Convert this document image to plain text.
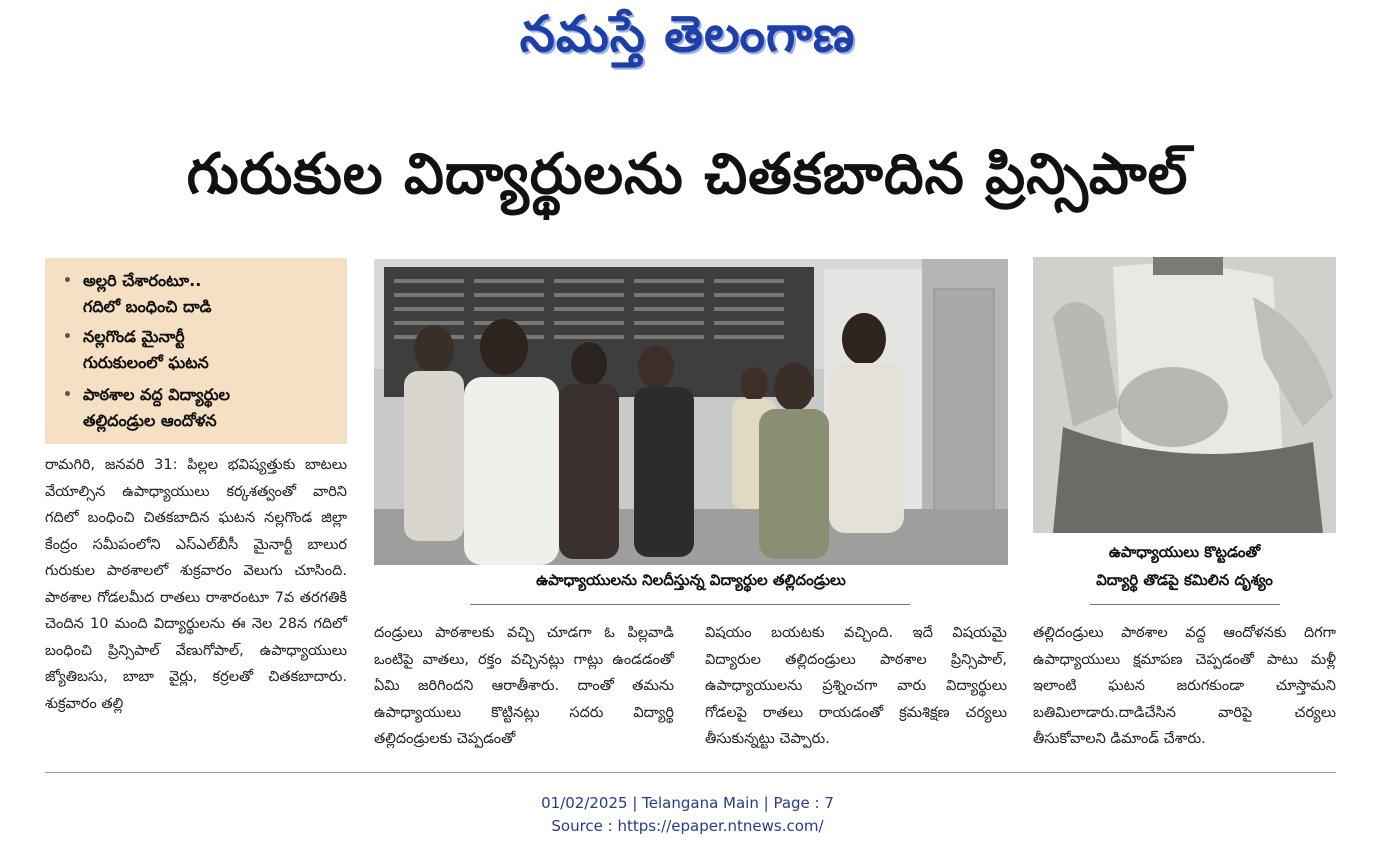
నమస్తే తెలంగాణ
గురుకుల విద్యార్థులను చితకబాదిన ప్రిన్సిపాల్
• అల్లరి చేశారంటూ..
గదిలో బంధించి దాడి
• నల్లగొండ మైనార్టీ
గురుకులంలో ఘటన
• పాఠశాల వద్ద విద్యార్థుల
తల్లిదండ్రుల ఆందోళన

రామగిరి, జనవరి 31: పిల్లల భవిష్యత్తుకు బాటలు వేయాల్సిన ఉపాధ్యాయులు కర్కశత్వంతో వారిని గదిలో బంధించి చితకబాదిన ఘటన నల్లగొండ జిల్లా కేంద్రం సమీపంలోని ఎస్‌ఎల్‌బీసీ మైనార్టీ బాలుర గురుకుల పాఠశాలలో శుక్రవారం వెలుగు చూసింది. పాఠశాల గోడలమీద రాతలు రాశారంటూ 7వ తరగతికి చెందిన 10 మంది విద్యార్థులను ఈ నెల 28న గదిలో బంధించి ప్రిన్సిపాల్ వేణుగోపాల్, ఉపాధ్యాయులు జ్యోతిబసు, బాబా వైర్లు, కర్రలతో చితకబాదారు. శుక్రవారం తల్లి

ఉపాధ్యాయులను నిలదీస్తున్న విద్యార్థుల తల్లిదండ్రులు
ఉపాధ్యాయులు కొట్టడంతో
విద్యార్థి తొడపై కమిలిన దృశ్యం

దండ్రులు పాఠశాలకు వచ్చి చూడగా ఓ పిల్లవాడి ఒంటిపై వాతలు, రక్తం వచ్చినట్లు గాట్లు ఉండడంతో ఏమి జరిగిందని ఆరాతీశారు. దాంతో తమను ఉపాధ్యాయులు కొట్టినట్లు సదరు విద్యార్థి తల్లిదండ్రులకు చెప్పడంతో

విషయం బయటకు వచ్చింది. ఇదే విషయమై విద్యారుల తల్లిదండ్రులు పాఠశాల ప్రిన్సిపాల్, ఉపాధ్యాయులను ప్రశ్నించగా వారు విద్యార్థులు గోడలపై రాతలు రాయడంతో క్రమశిక్షణ చర్యలు తీసుకున్నట్టు చెప్పారు.

తల్లిదండ్రులు పాఠశాల వద్ద ఆందోళనకు దిగగా ఉపాధ్యాయులు క్షమాపణ చెప్పడంతో పాటు మళ్లీ ఇలాంటి ఘటన జరుగకుండా చూస్తామని బతిమిలాడారు.దాడిచేసిన వారిపై చర్యలు తీసుకోవాలని డిమాండ్ చేశారు.

01/02/2025 | Telangana Main | Page : 7
Source : https://epaper.ntnews.com/
